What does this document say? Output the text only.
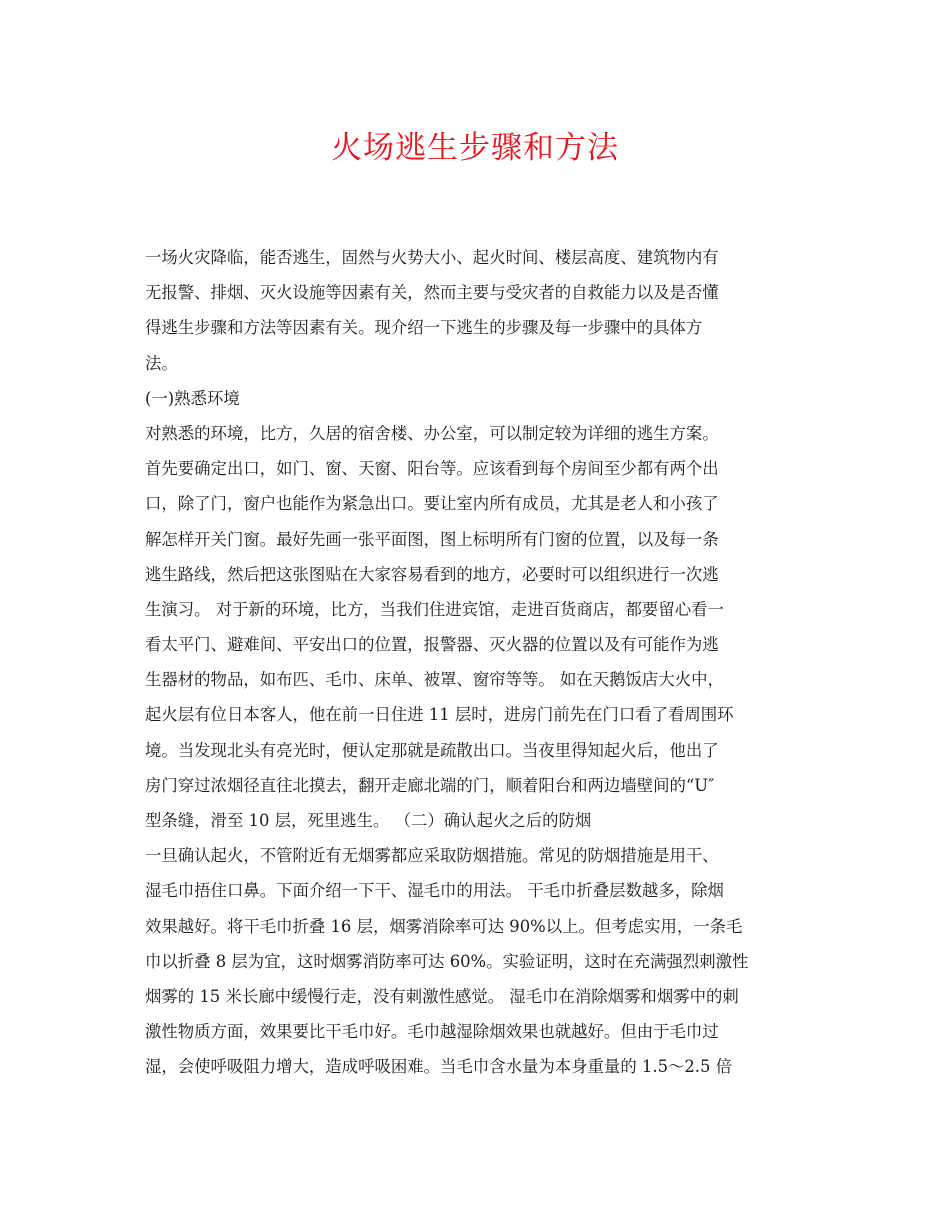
火场逃生步骤和方法
一场火灾降临，能否逃生，固然与火势大小、起火时间、楼层高度、建筑物内有
无报警、排烟、灭火设施等因素有关，然而主要与受灾者的自救能力以及是否懂
得逃生步骤和方法等因素有关。现介绍一下逃生的步骤及每一步骤中的具体方
法。
(一)熟悉环境
对熟悉的环境，比方，久居的宿舍楼、办公室，可以制定较为详细的逃生方案。
首先要确定出口，如门、窗、天窗、阳台等。应该看到每个房间至少都有两个出
口，除了门，窗户也能作为紧急出口。要让室内所有成员，尤其是老人和小孩了
解怎样开关门窗。最好先画一张平面图，图上标明所有门窗的位置，以及每一条
逃生路线，然后把这张图贴在大家容易看到的地方，必要时可以组织进行一次逃
生演习。 对于新的环境，比方，当我们住进宾馆，走进百货商店，都要留心看一
看太平门、避难间、平安出口的位置，报警器、灭火器的位置以及有可能作为逃
生器材的物品，如布匹、毛巾、床单、被罩、窗帘等等。 如在天鹅饭店大火中，
起火层有位日本客人，他在前一日住进 11 层时，进房门前先在门口看了看周围环
境。当发现北头有亮光时，便认定那就是疏散出口。当夜里得知起火后，他出了
房门穿过浓烟径直往北摸去，翻开走廊北端的门，顺着阳台和两边墙壁间的“U″
型条缝，滑至 10 层，死里逃生。 （二）确认起火之后的防烟
一旦确认起火，不管附近有无烟雾都应采取防烟措施。常见的防烟措施是用干、
湿毛巾捂住口鼻。下面介绍一下干、湿毛巾的用法。 干毛巾折叠层数越多，除烟
效果越好。将干毛巾折叠 16 层，烟雾消除率可达 90%以上。但考虑实用，一条毛
巾以折叠 8 层为宜，这时烟雾消防率可达 60%。实验证明，这时在充满强烈刺激性
烟雾的 15 米长廊中缓慢行走，没有刺激性感觉。 湿毛巾在消除烟雾和烟雾中的刺
激性物质方面，效果要比干毛巾好。毛巾越湿除烟效果也就越好。但由于毛巾过
湿，会使呼吸阻力增大，造成呼吸困难。当毛巾含水量为本身重量的 1.5～2.5 倍
